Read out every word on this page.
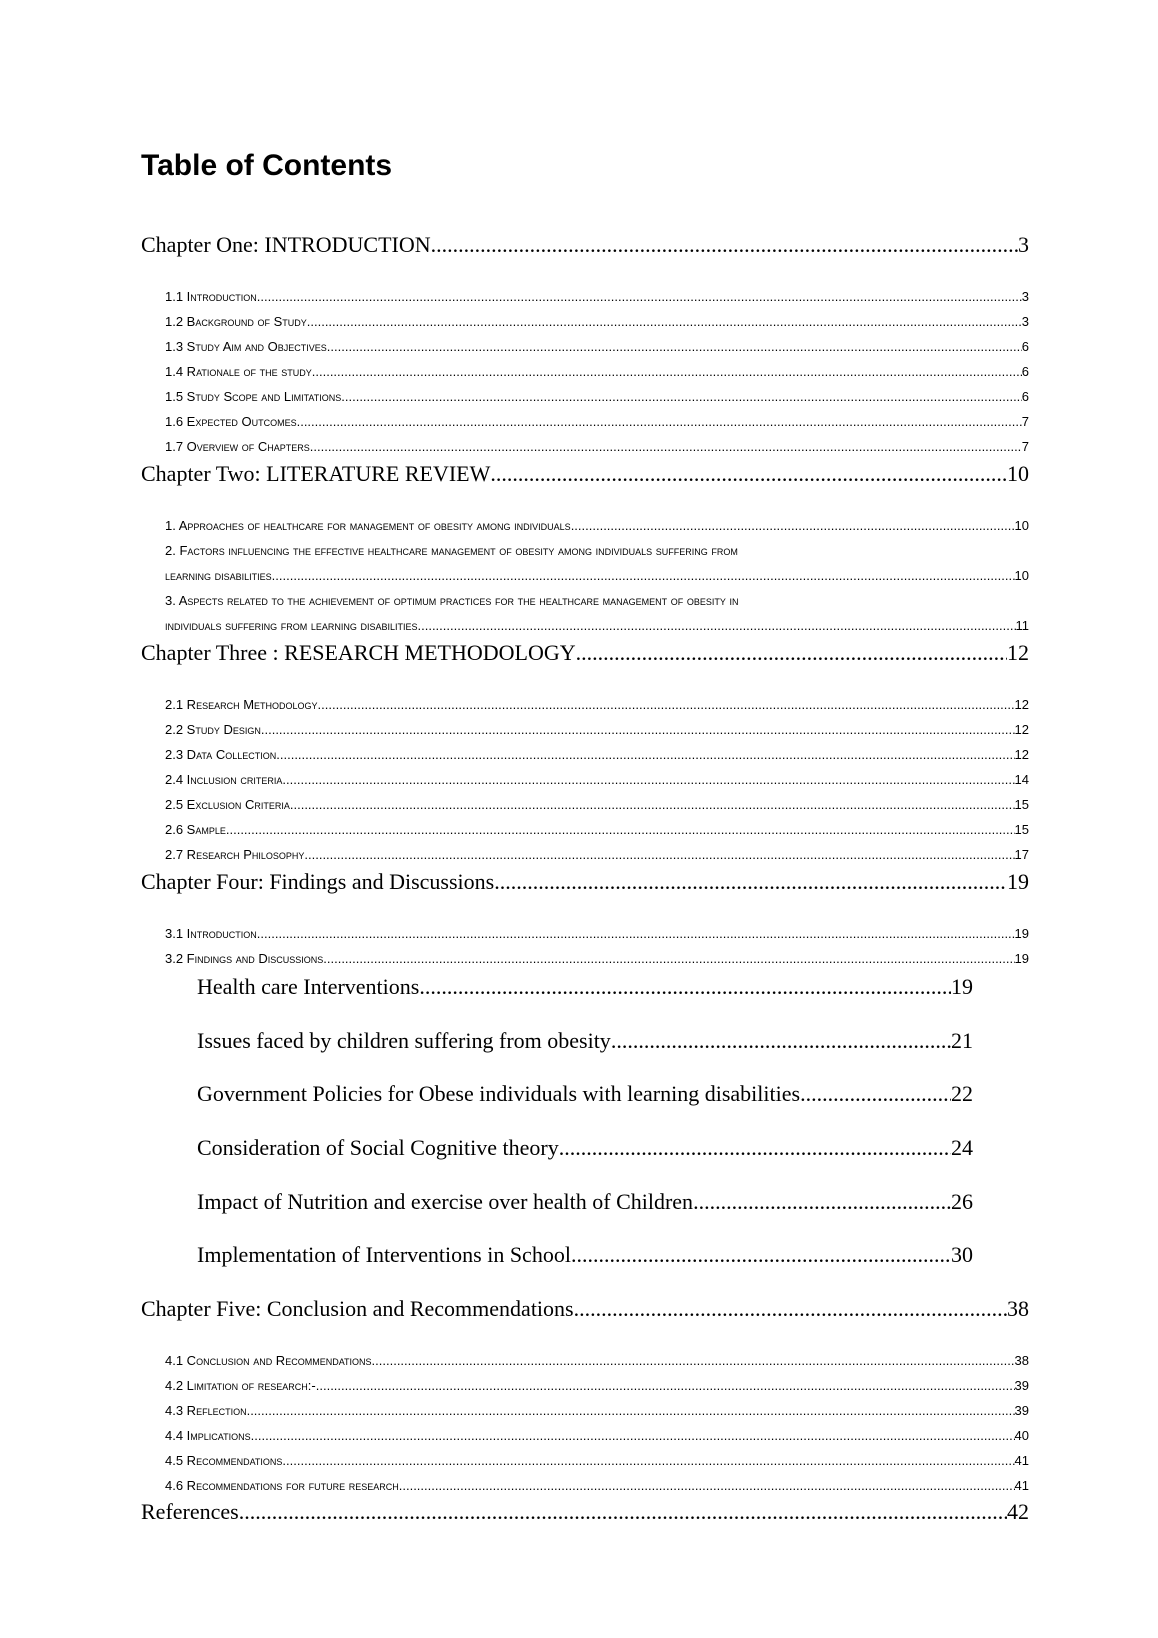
Table of Contents
Chapter One: INTRODUCTION .....	3
1.1 Introduction .....	3
1.2 Background of Study .....	3
1.3 Study Aim and Objectives .....	6
1.4 Rationale of the study .....	6
1.5 Study Scope and Limitations .....	6
1.6 Expected Outcomes .....	7
1.7 Overview of Chapters .....	7
Chapter Two: LITERATURE REVIEW .....	10
1. Approaches of healthcare for management of obesity among individuals .....	10
2. Factors influencing the effective healthcare management of obesity among individuals suffering from
learning disabilities .....	10
3. Aspects related to the achievement of optimum practices for the healthcare management of obesity in
individuals suffering from learning disabilities .....	11
Chapter Three : RESEARCH METHODOLOGY .....	12
2.1 Research Methodology .....	12
2.2 Study Design .....	12
2.3 Data Collection .....	12
2.4 Inclusion criteria .....	14
2.5 Exclusion Criteria .....	15
2.6 Sample .....	15
2.7 Research Philosophy .....	17
Chapter Four: Findings and Discussions. .....	19
3.1 Introduction .....	19
3.2 Findings and Discussions .....	19
Health care Interventions .....	19
Issues faced by children suffering from obesity .....	21
Government Policies for Obese individuals with learning disabilities .....	22
Consideration of Social Cognitive theory .....	24
Impact of Nutrition and exercise over health of Children .....	26
Implementation of Interventions in School .....	30
Chapter Five: Conclusion and Recommendations .....	38
4.1 Conclusion and Recommendations .....	38
4.2 Limitation of research:- .....	39
4.3 Reflection .....	39
4.4 Implications .....	40
4.5 Recommendations .....	41
4.6 Recommendations for future research .....	41
References .....	42
